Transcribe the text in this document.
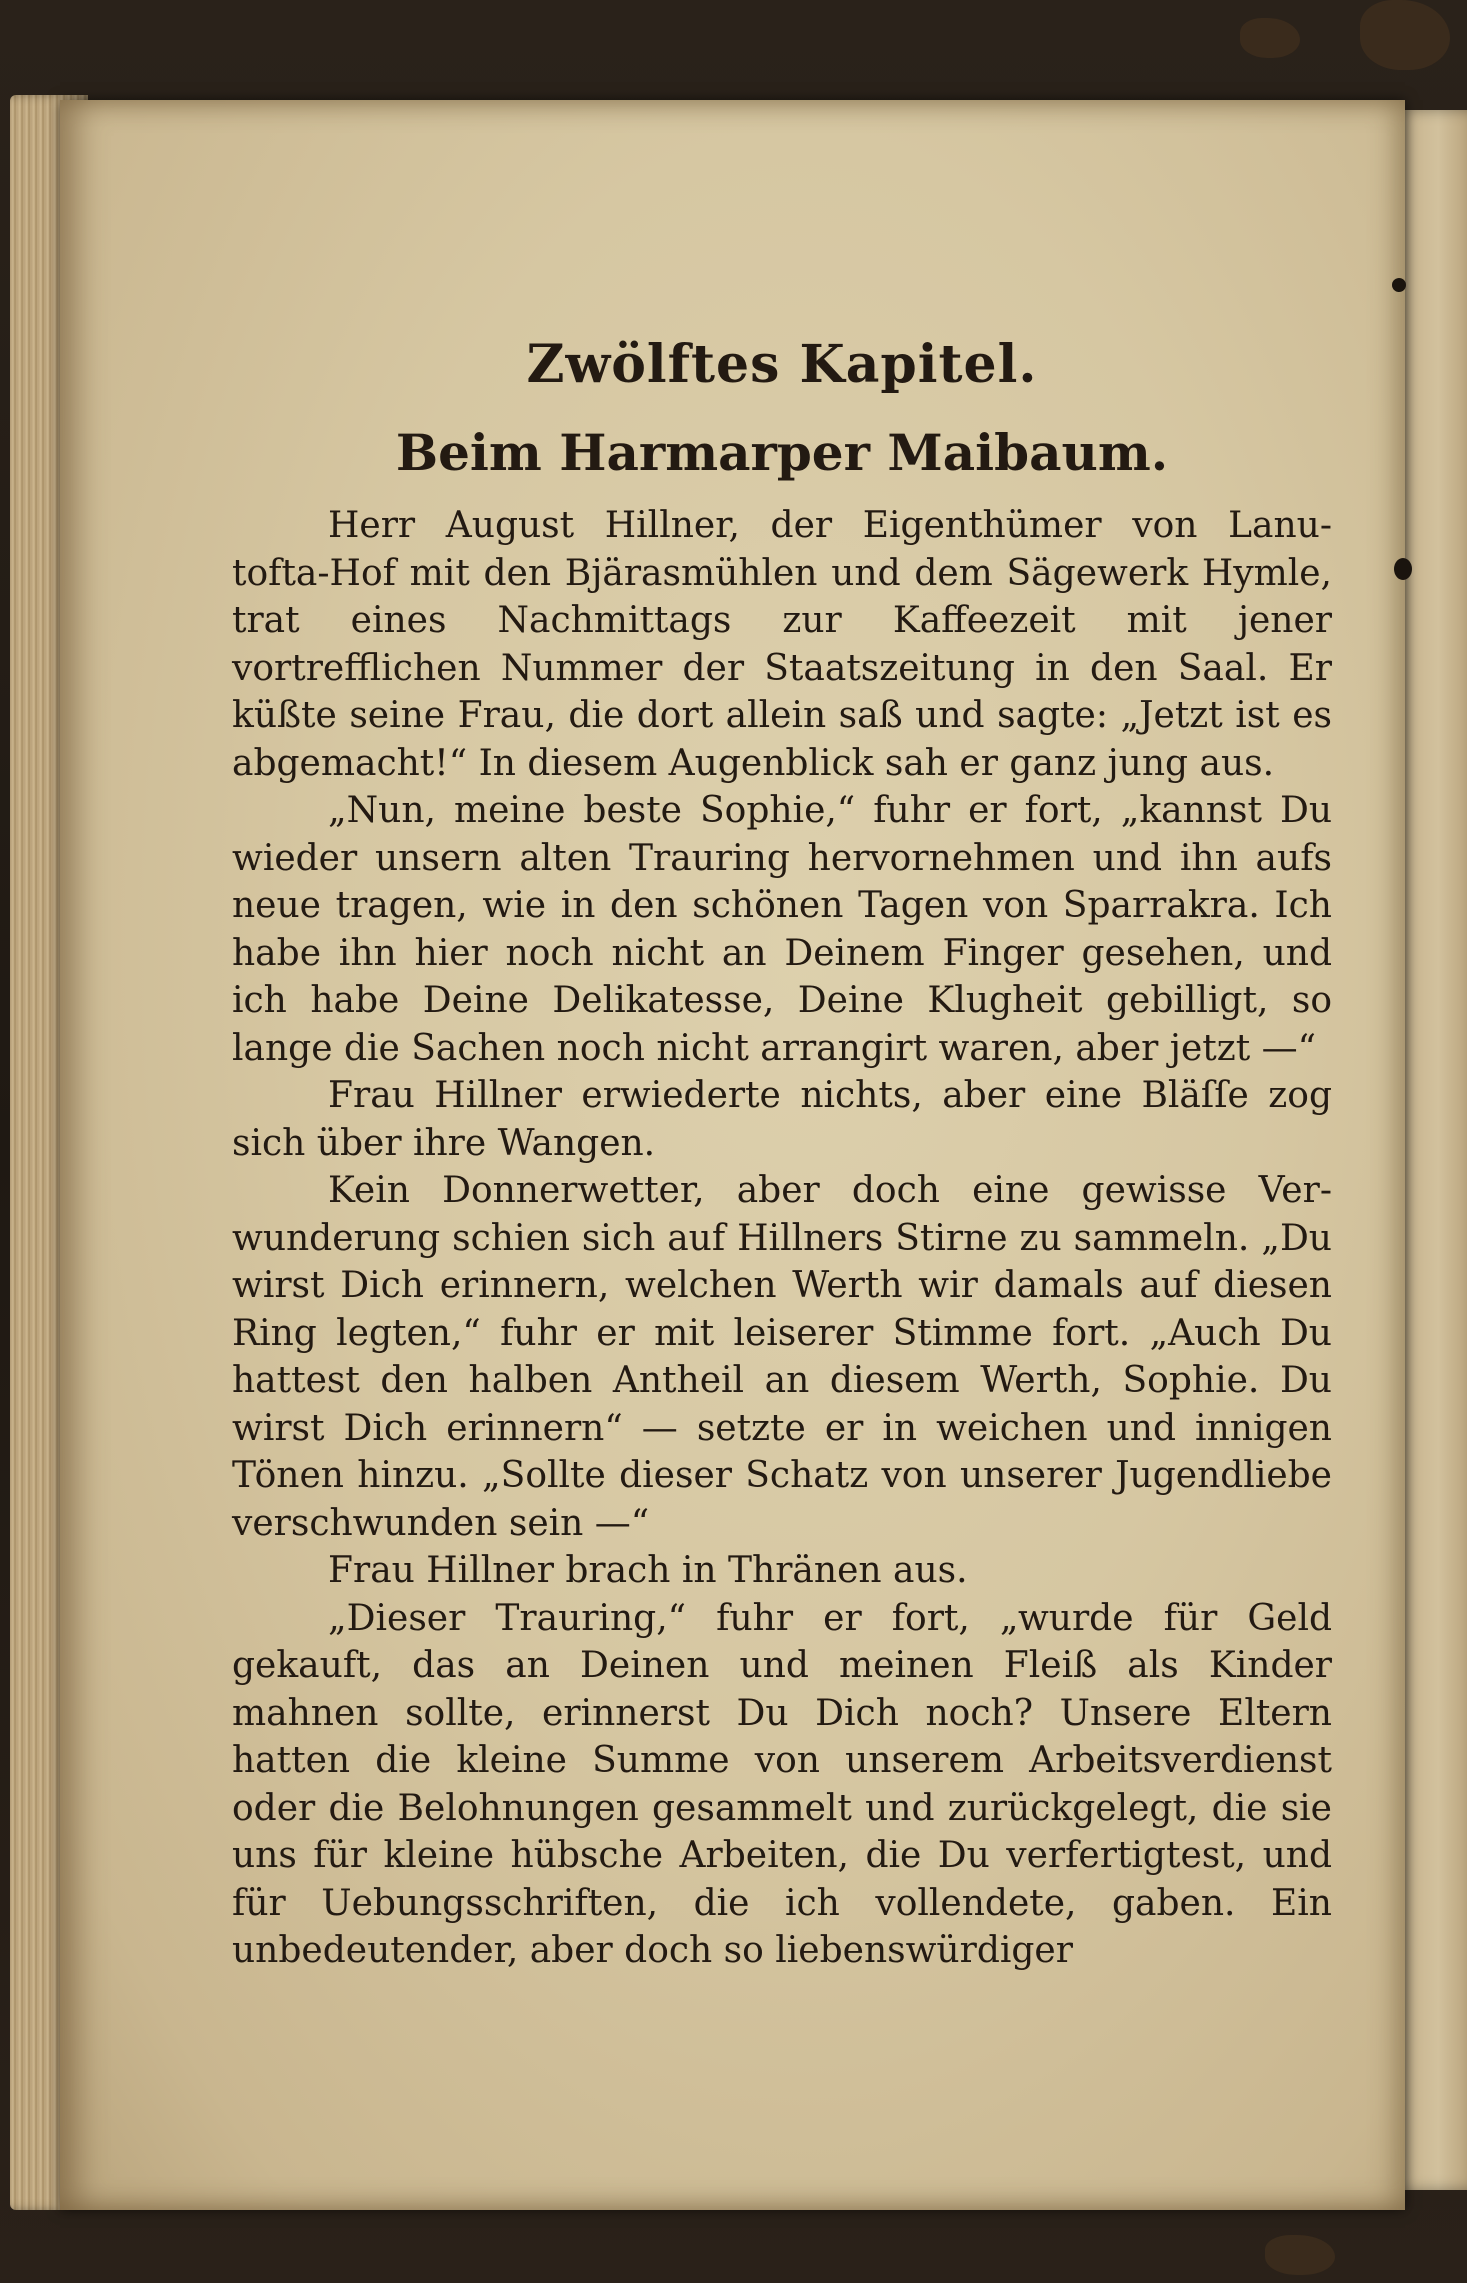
Zwölftes Kapitel.
Beim Harmarper Maibaum.

Herr August Hillner, der Eigenthümer von Lanutofta‑Hof mit den Bjärasmühlen und dem Sägewerk Hymle, trat eines Nachmittags zur Kaffeezeit mit jener vortrefflichen Nummer der Staatszeitung in den Saal. Er küßte seine Frau, die dort allein saß und sagte: „Jetzt ist es abgemacht!“ In diesem Augenblick sah er ganz jung aus.

„Nun, meine beste Sophie,“ fuhr er fort, „kannst Du wieder unsern alten Trauring hervornehmen und ihn aufs neue tragen, wie in den schönen Tagen von Sparrakra. Ich habe ihn hier noch nicht an Deinem Finger gesehen, und ich habe Deine Delikatesse, Deine Klugheit gebilligt, so lange die Sachen noch nicht arrangirt waren, aber jetzt —“

Frau Hillner erwiederte nichts, aber eine Bläſſe zog sich über ihre Wangen.

Kein Donnerwetter, aber doch eine gewisse Verwunderung schien sich auf Hillners Stirne zu sammeln. „Du wirst Dich erinnern, welchen Werth wir damals auf diesen Ring legten,“ fuhr er mit leiserer Stimme fort. „Auch Du hattest den halben Antheil an diesem Werth, Sophie. Du wirst Dich erinnern“ — setzte er in weichen und innigen Tönen hinzu. „Sollte dieser Schatz von unserer Jugendliebe verschwunden sein —“

Frau Hillner brach in Thränen aus.

„Dieser Trauring,“ fuhr er fort, „wurde für Geld gekauft, das an Deinen und meinen Fleiß als Kinder mahnen sollte, erinnerst Du Dich noch? Unsere Eltern hatten die kleine Summe von unserem Arbeitsverdienst oder die Belohnungen gesammelt und zurückgelegt, die sie uns für kleine hübsche Arbeiten, die Du verfertigtest, und für Uebungsschriften, die ich vollendete, gaben. Ein unbedeutender, aber doch so liebenswürdiger
